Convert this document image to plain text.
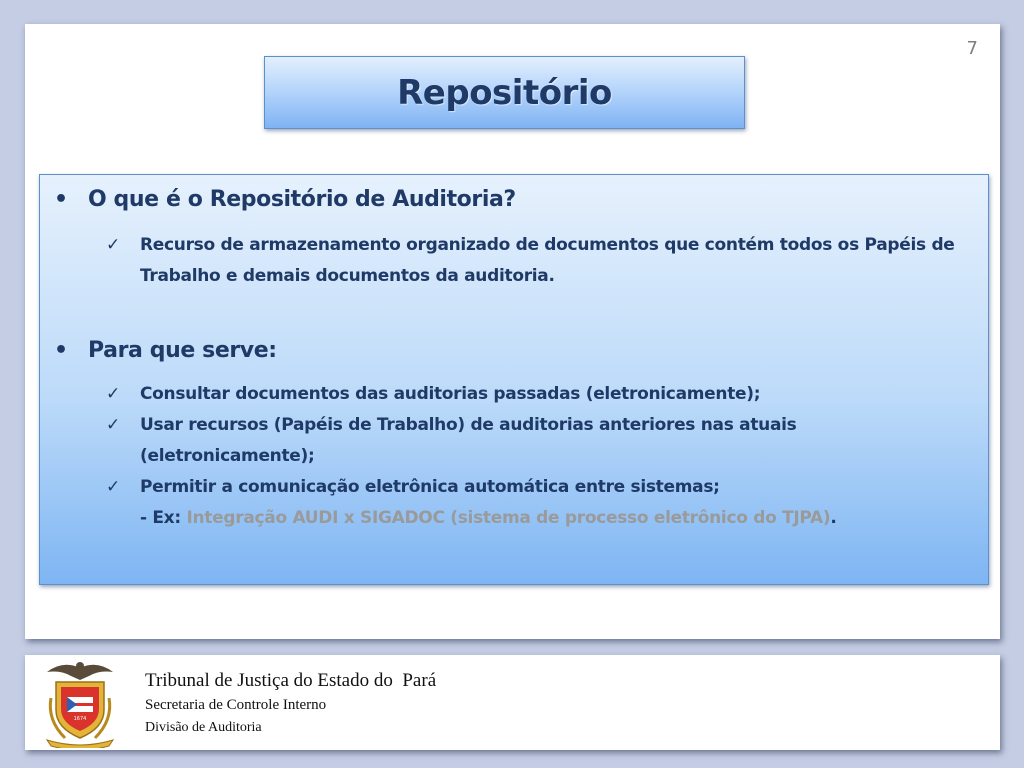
7
Repositório
• O que é o Repositório de Auditoria?
✓	Recurso de armazenamento organizado de documentos que contém todos os Papéis de Trabalho e demais documentos da auditoria.
• Para que serve:
✓	Consultar documentos das auditorias passadas (eletronicamente);
✓	Usar recursos (Papéis de Trabalho) de auditorias anteriores nas atuais (eletronicamente);
✓	Permitir a comunicação eletrônica automática entre sistemas;
- Ex: Integração AUDI x SIGADOC (sistema de processo eletrônico do TJPA).
1674
Tribunal de Justiça do Estado do  Pará
Secretaria de Controle Interno
Divisão de Auditoria
